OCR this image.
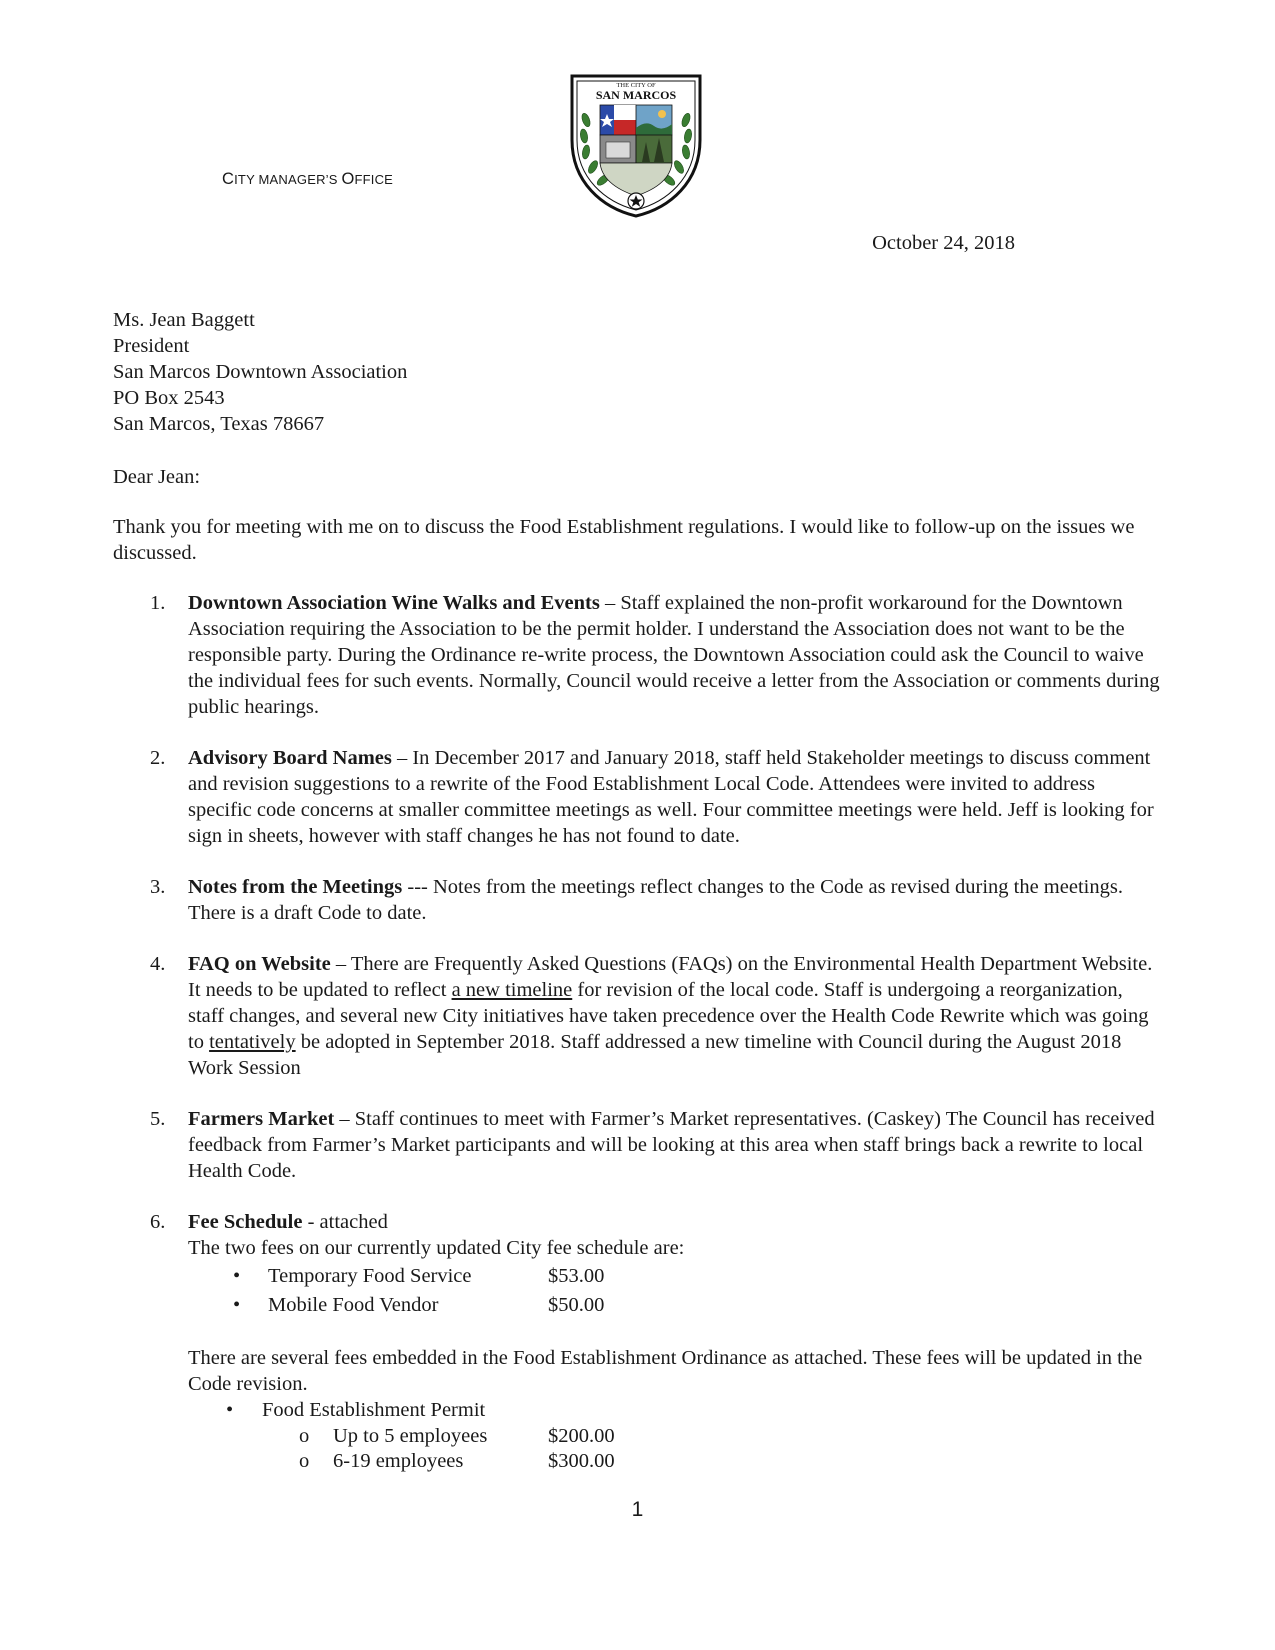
CITY MANAGER’S OFFICE
THE CITY OF
SAN MARCOS
October 24, 2018
Ms. Jean Baggett
President
San Marcos Downtown Association
PO Box 2543
San Marcos, Texas 78667
Dear Jean:
Thank you for meeting with me on to discuss the Food Establishment regulations. I would like to follow-up on the issues we discussed.
1. Downtown Association Wine Walks and Events – Staff explained the non-profit workaround for the Downtown Association requiring the Association to be the permit holder. I understand the Association does not want to be the responsible party. During the Ordinance re-write process, the Downtown Association could ask the Council to waive the individual fees for such events. Normally, Council would receive a letter from the Association or comments during public hearings.
2. Advisory Board Names – In December 2017 and January 2018, staff held Stakeholder meetings to discuss comment and revision suggestions to a rewrite of the Food Establishment Local Code. Attendees were invited to address specific code concerns at smaller committee meetings as well. Four committee meetings were held. Jeff is looking for sign in sheets, however with staff changes he has not found to date.
3. Notes from the Meetings --- Notes from the meetings reflect changes to the Code as revised during the meetings. There is a draft Code to date.
4. FAQ on Website – There are Frequently Asked Questions (FAQs) on the Environmental Health Department Website. It needs to be updated to reflect a new timeline for revision of the local code. Staff is undergoing a reorganization, staff changes, and several new City initiatives have taken precedence over the Health Code Rewrite which was going to tentatively be adopted in September 2018. Staff addressed a new timeline with Council during the August 2018 Work Session
5. Farmers Market – Staff continues to meet with Farmer’s Market representatives. (Caskey) The Council has received feedback from Farmer’s Market participants and will be looking at this area when staff brings back a rewrite to local Health Code.
6. Fee Schedule - attached
The two fees on our currently updated City fee schedule are:
• Temporary Food Service	$53.00
• Mobile Food Vendor	$50.00
There are several fees embedded in the Food Establishment Ordinance as attached. These fees will be updated in the Code revision.
• Food Establishment Permit
o Up to 5 employees	$200.00
o 6-19 employees	$300.00
1
